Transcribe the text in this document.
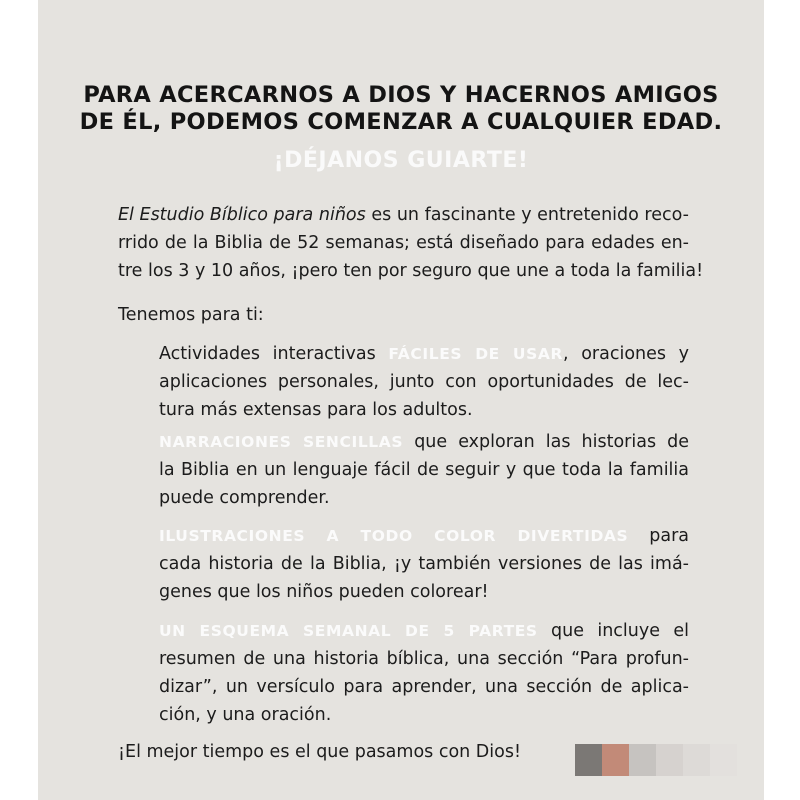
PARA ACERCARNOS A DIOS Y HACERNOS AMIGOS

DE ÉL, PODEMOS COMENZAR A CUALQUIER EDAD.

¡DÉJANOS GUIARTE!

El Estudio Bíblico para niños es un fascinante y entretenido reco-

rrido de la Biblia de 52 semanas; está diseñado para edades en-

tre los 3 y 10 años, ¡pero ten por seguro que une a toda la familia!

Tenemos para ti:

Actividades interactivas FÁCILES DE USAR, oraciones y

aplicaciones personales, junto con oportunidades de lec-

tura más extensas para los adultos.

NARRACIONES SENCILLAS que exploran las historias de

la Biblia en un lenguaje fácil de seguir y que toda la familia

puede comprender.

ILUSTRACIONES A TODO COLOR DIVERTIDAS para

cada historia de la Biblia, ¡y también versiones de las imá-

genes que los niños pueden colorear!

UN ESQUEMA SEMANAL DE 5 PARTES que incluye el

resumen de una historia bíblica, una sección “Para profun-

dizar”, un versículo para aprender, una sección de aplica-

ción, y una oración.

¡El mejor tiempo es el que pasamos con Dios!
